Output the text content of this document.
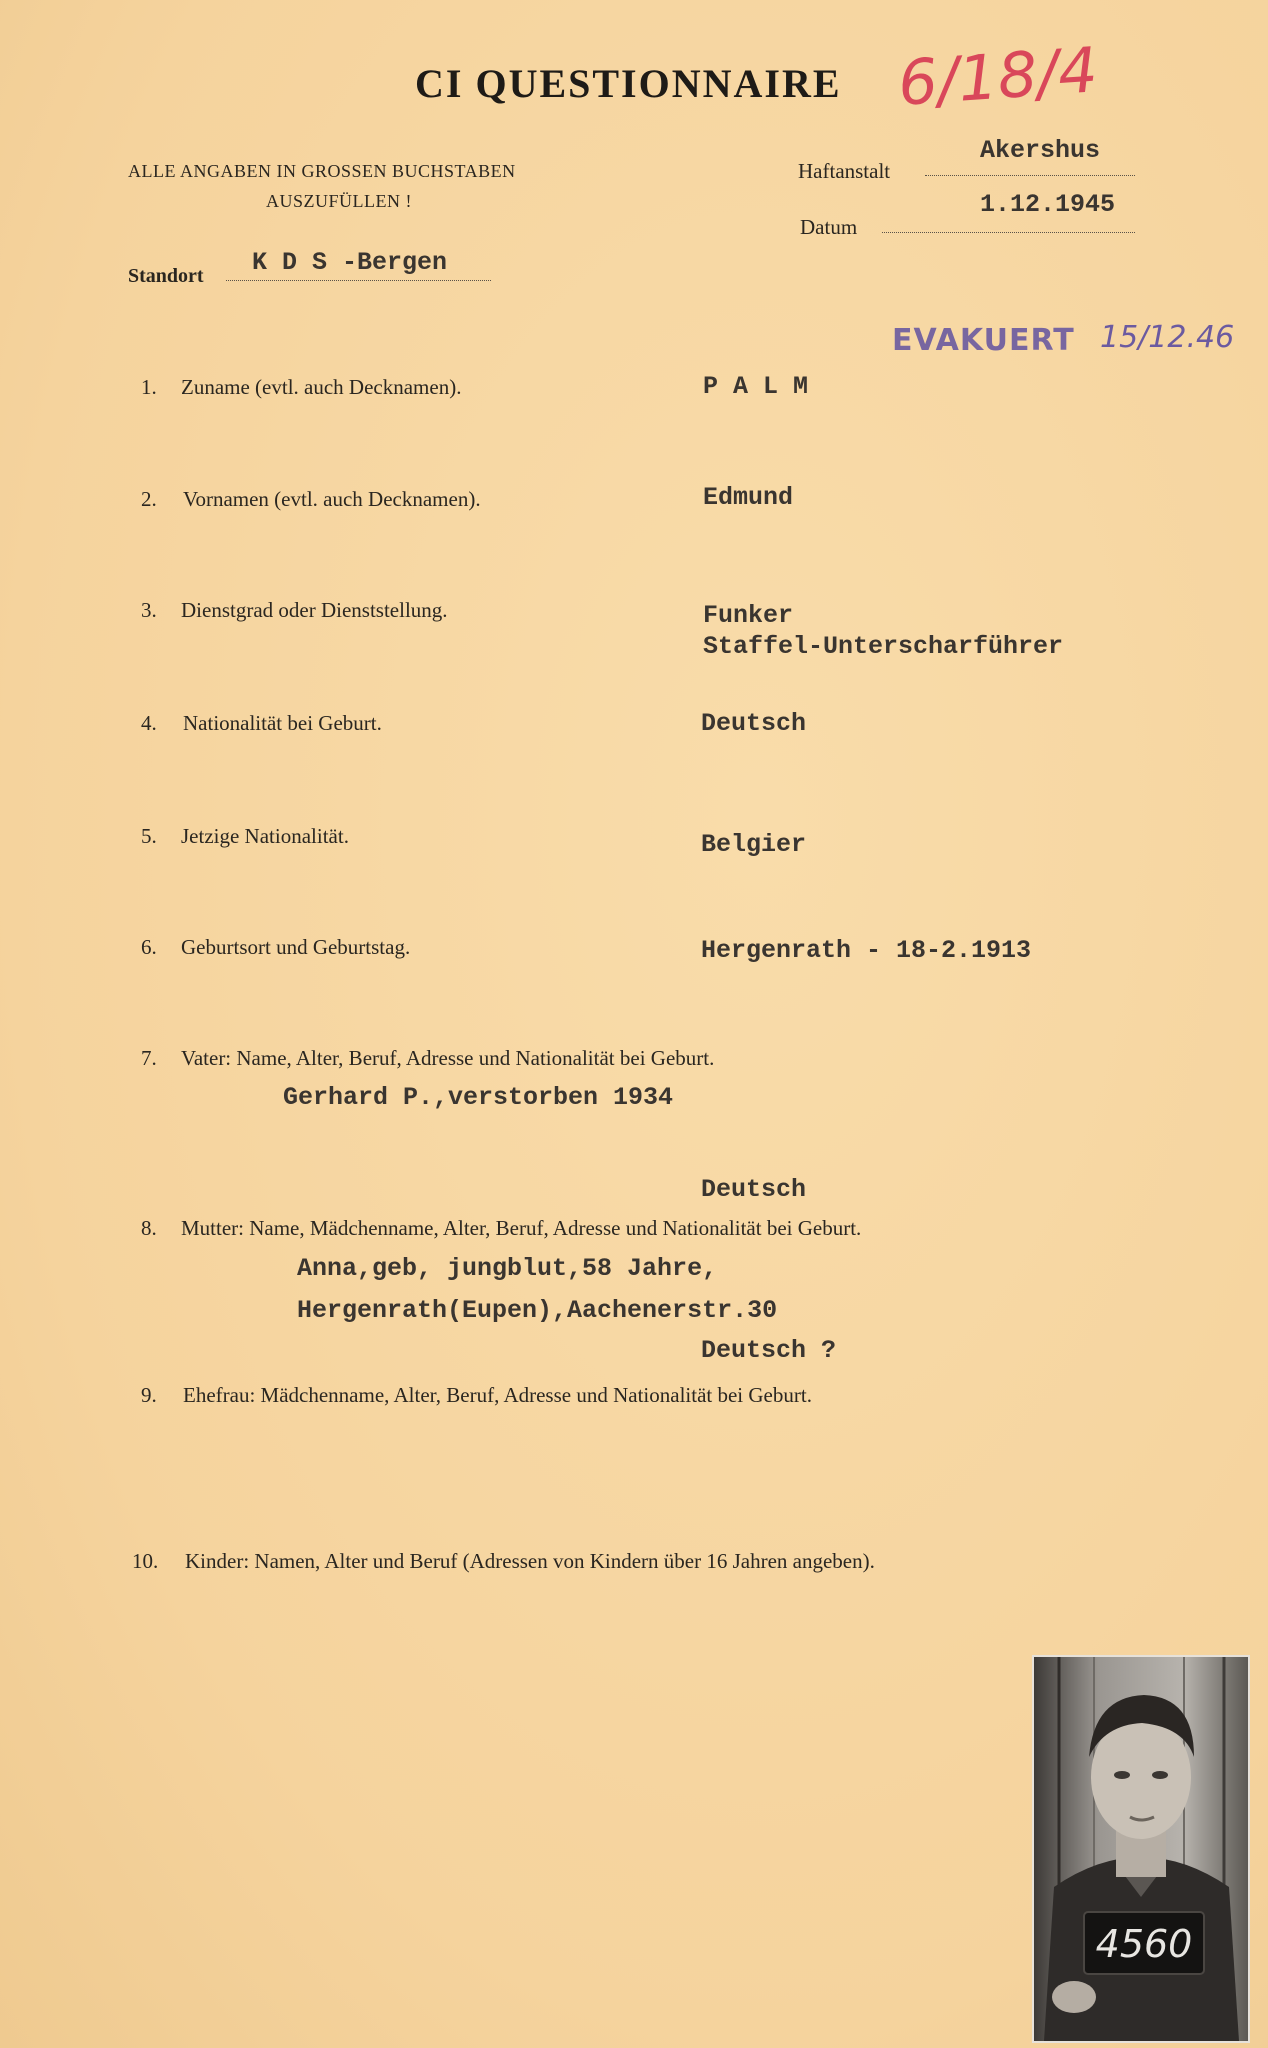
CI QUESTIONNAIRE 6/18/4
ALLE ANGABEN IN GROSSEN BUCHSTABEN
AUSZUFÜLLEN !
Haftanstalt
Akershus
Datum
1.12.1945
Standort K D S -Bergen
EVAKUERT 15/12.46
1. Zuname (evtl. auch Decknamen).	P A L M
2. Vornamen (evtl. auch Decknamen).	Edmund
3. Dienstgrad oder Dienststellung.	Funker
Staffel-Unterscharführer
4. Nationalität bei Geburt.	Deutsch
5. Jetzige Nationalität.	Belgier
6. Geburtsort und Geburtstag.	Hergenrath - 18-2.1913
7. Vater: Name, Alter, Beruf, Adresse und Nationalität bei Geburt.
Gerhard P.,verstorben 1934
Deutsch
8. Mutter: Name, Mädchenname, Alter, Beruf, Adresse und Nationalität bei Geburt.
Anna,geb, jungblut,58 Jahre,
Hergenrath(Eupen),Aachenerstr.30
Deutsch ?
9. Ehefrau: Mädchenname, Alter, Beruf, Adresse und Nationalität bei Geburt.
10. Kinder: Namen, Alter und Beruf (Adressen von Kindern über 16 Jahren angeben).
4560
